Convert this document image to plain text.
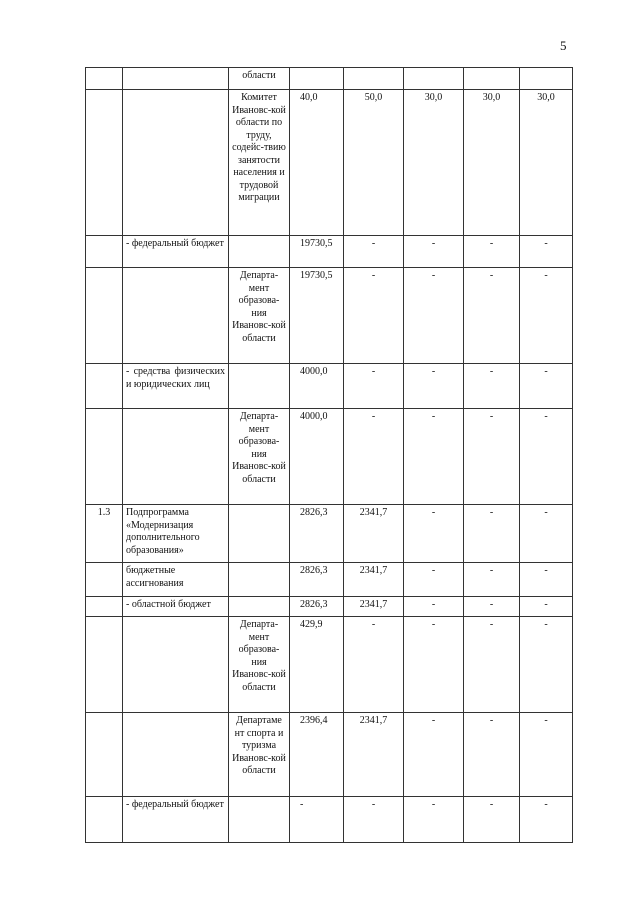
5
		области					
		Комитет Ивановс-кой области по труду, содейс-твию занятости населения и трудовой миграции	40,0	50,0	30,0	30,0	30,0
	- федеральный бюджет		19730,5	-	-	-	-
		Департа-мент образова-ния Ивановс-кой области	19730,5	-	-	-	-
	- средства физических и юридических лиц		4000,0	-	-	-	-
		Департа-мент образова-ния Ивановс-кой области	4000,0	-	-	-	-
1.3	Подпрограмма «Модернизация дополнительного образования»		2826,3	2341,7	-	-	-
	бюджетные ассигнования		2826,3	2341,7	-	-	-
	- областной бюджет		2826,3	2341,7	-	-	-
		Департа-мент образова-ния Ивановс-кой области	429,9	-	-	-	-
		Департаме нт спорта и туризма Ивановс-кой области	2396,4	2341,7	-	-	-
	- федеральный бюджет		-	-	-	-	-
